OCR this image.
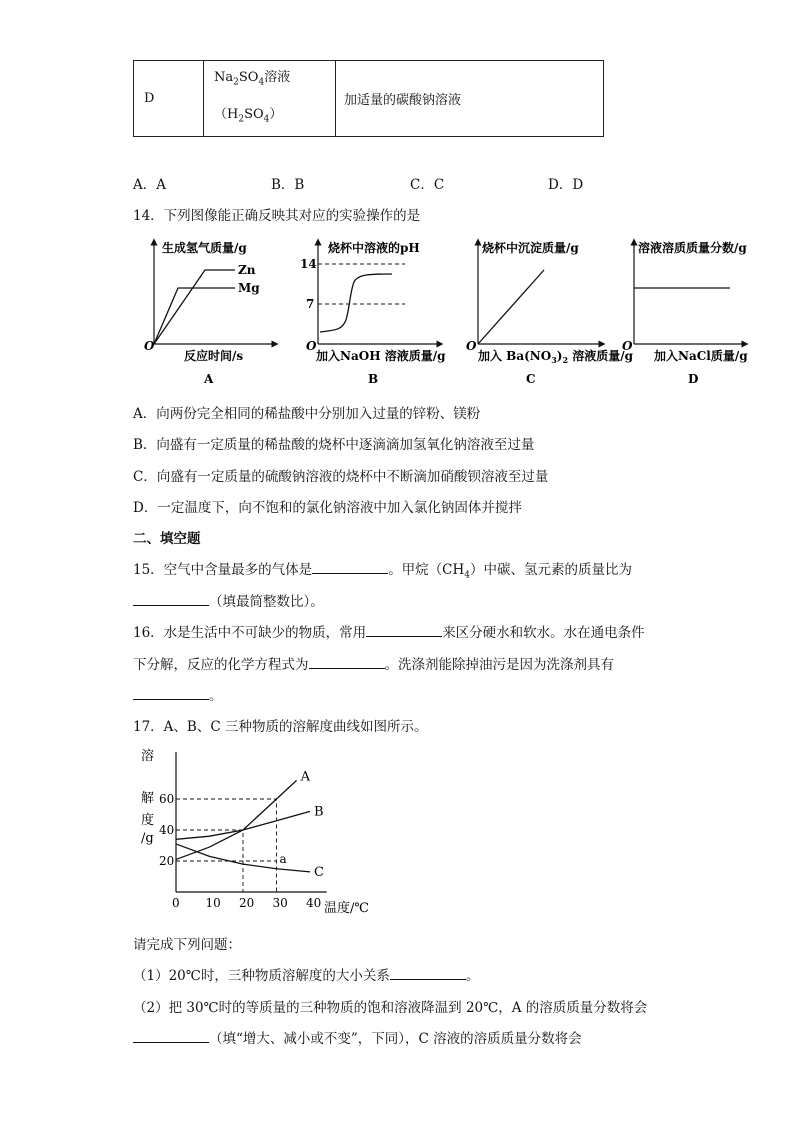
D	
$Na_2SO_4$溶液
$(H_2SO_4)$
	加适量的碳酸钠溶液
A．A	B．B	C．C	D．D
14．下列图像能正确反映其对应的实验操作的是
生成氢气质量/g
Zn
Mg
O
反应时间/s
A
烧杯中溶液的pH
14
7
O
加入NaOH 溶液质量/g
B
烧杯中沉淀质量/g
O
加入 $Ba(NO_3)_2$ 溶液质量/g
C
溶液溶质质量分数/g
O
加入NaCl质量/g
D
A．向两份完全相同的稀盐酸中分别加入过量的锌粉、镁粉
B．向盛有一定质量的稀盐酸的烧杯中逐滴滴加氢氧化钠溶液至过量
C．向盛有一定质量的硫酸钠溶液的烧杯中不断滴加硝酸钡溶液至过量
D．一定温度下，向不饱和的氯化钠溶液中加入氯化钠固体并搅拌
二、填空题
15．空气中含量最多的气体是	。甲烷$(CH_4)$中碳、氢元素的质量比为
（填最简整数比）。
16．水是生活中不可缺少的物质，常用	来区分硬水和软水。水在通电条件
下分解，反应的化学方程式为	。洗涤剂能除掉油污是因为洗涤剂具有
。
17．A、B、C 三种物质的溶解度曲线如图所示。
0 10 20 30 40
20
40
60
A
B
C
a
溶
解
度
/g
温度/℃
请完成下列问题：
（1）20℃时，三种物质溶解度的大小关系	。
（2）把 30℃时的等质量的三种物质的饱和溶液降温到 20℃，A 的溶质质量分数将会
（填“增大、减小或不变”，下同），C 溶液的溶质质量分数将会
